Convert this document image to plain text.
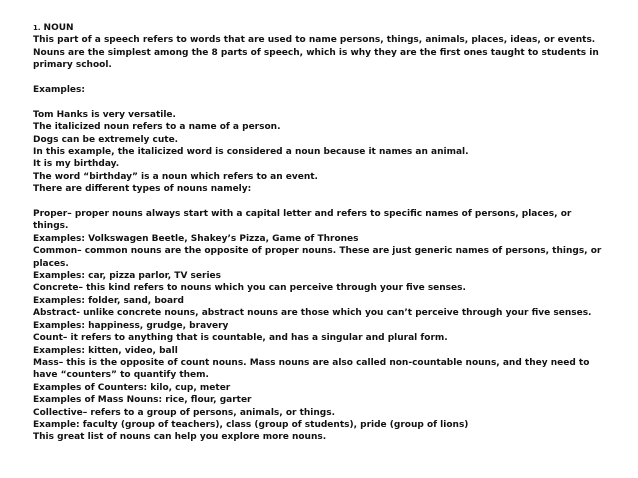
1. NOUN
This part of a speech refers to words that are used to name persons, things, animals, places, ideas, or events.
Nouns are the simplest among the 8 parts of speech, which is why they are the first ones taught to students in primary school.
Examples:
Tom Hanks is very versatile.
The italicized noun refers to a name of a person.
Dogs can be extremely cute.
In this example, the italicized word is considered a noun because it names an animal.
It is my birthday.
The word “birthday” is a noun which refers to an event.
There are different types of nouns namely:
Proper– proper nouns always start with a capital letter and refers to specific names of persons, places, or things.
Examples: Volkswagen Beetle, Shakey’s Pizza, Game of Thrones
Common– common nouns are the opposite of proper nouns. These are just generic names of persons, things, or places.
Examples: car, pizza parlor, TV series
Concrete– this kind refers to nouns which you can perceive through your five senses.
Examples: folder, sand, board
Abstract- unlike concrete nouns, abstract nouns are those which you can’t perceive through your five senses.
Examples: happiness, grudge, bravery
Count– it refers to anything that is countable, and has a singular and plural form.
Examples: kitten, video, ball
Mass– this is the opposite of count nouns. Mass nouns are also called non-countable nouns, and they need to have “counters” to quantify them.
Examples of Counters: kilo, cup, meter
Examples of Mass Nouns: rice, flour, garter
Collective– refers to a group of persons, animals, or things.
Example: faculty (group of teachers), class (group of students), pride (group of lions)
This great list of nouns can help you explore more nouns.
